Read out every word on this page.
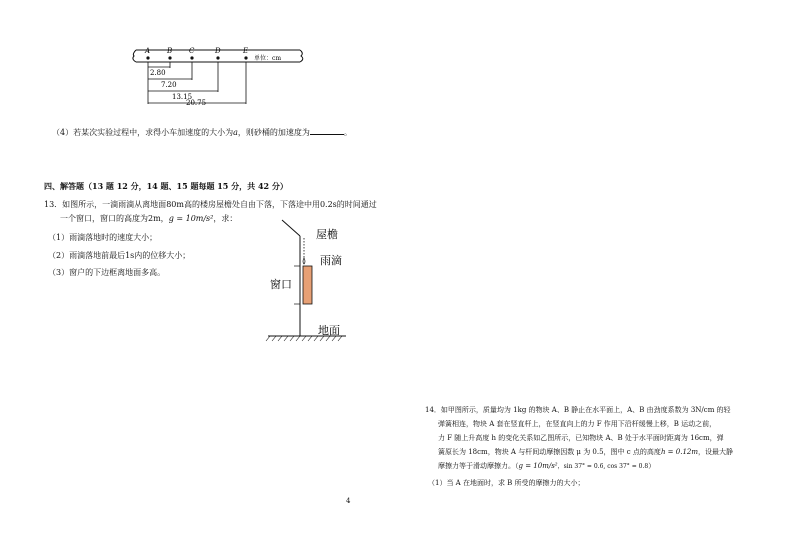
A B C	D	E
单位：cm
2.80
7.20
13.15
20.75
（4）若某次实验过程中，求得小车加速度的大小为a，则砂桶的加速度为	。
四、解答题（13 题 12 分，14 题、15 题每题 15 分，共 42 分）
13．如图所示，一滴雨滴从离地面80m高的楼房屋檐处自由下落，下落途中用0.2s的时间通过
一个窗口，窗口的高度为2m，g = 10m/s²，求：
（1）雨滴落地时的速度大小；
（2）雨滴落地前最后1s内的位移大小；
（3）窗户的下边框离地面多高。
屋檐
雨滴
窗口
地面
14．如甲图所示，质量均为 1kg 的物块 A、B 静止在水平面上，A、B 由劲度系数为 3N/cm 的轻
弹簧相连，物块 A 套在竖直杆上，在竖直向上的力 F 作用下沿杆缓慢上移，B 运动之前，
力 F 随上升高度 h 的变化关系如乙图所示，已知物块 A、B 处于水平面时距离为 16cm，弹
簧原长为 18cm，物块 A 与杆间动摩擦因数 μ 为 0.5，图中 c 点的高度h = 0.12m，设最大静
摩擦力等于滑动摩擦力。（g = 10m/s²，sin 37° = 0.6, cos 37° = 0.8）
（1）当 A 在地面时，求 B 所受的摩擦力的大小；
4
